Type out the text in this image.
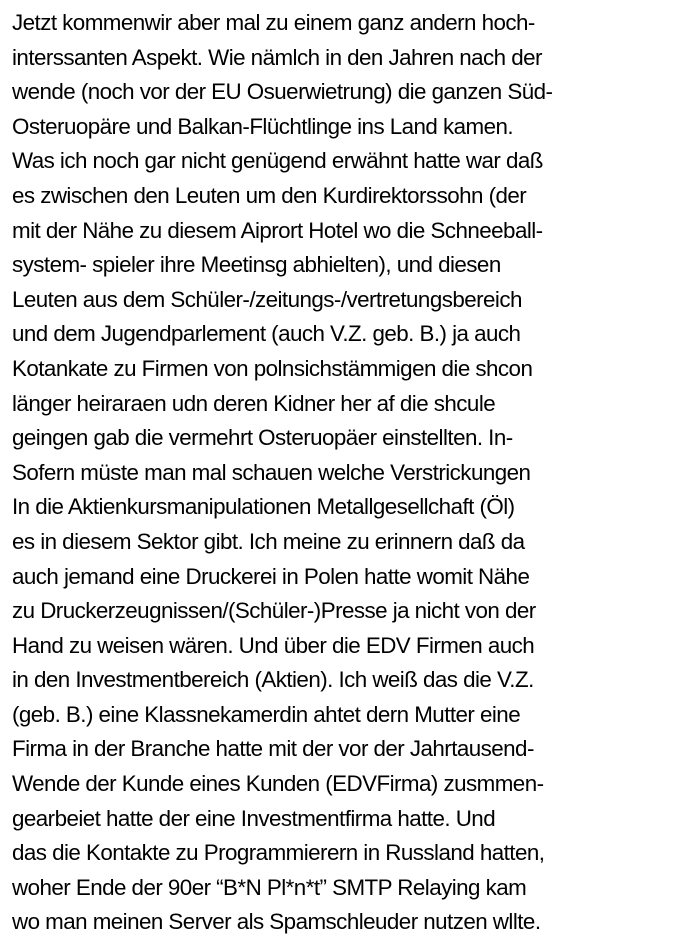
Jetzt kommenwir aber mal zu einem ganz andern hoch-
interssanten Aspekt. Wie nämlch in den Jahren nach der
wende (noch vor der EU Osuerwietrung) die ganzen Süd-
Osteruopäre und Balkan-Flüchtlinge ins Land kamen.
Was ich noch gar nicht genügend erwähnt hatte war daß
es zwischen den Leuten um den Kurdirektorssohn (der
mit der Nähe zu diesem Aiprort Hotel wo die Schneeball-
system- spieler ihre Meetinsg abhielten), und diesen
Leuten aus dem Schüler-/zeitungs-/vertretungsbereich
und dem Jugendparlement (auch V.Z. geb. B.) ja auch
Kotankate zu Firmen von polnsichstämmigen die shcon
länger heiraraen udn deren Kidner her af die shcule
geingen gab die vermehrt Osteruopäer einstellten. In-
Sofern müste man mal schauen welche Verstrickungen
In die Aktienkursmanipulationen Metallgesellchaft (Öl)
es in diesem Sektor gibt. Ich meine zu erinnern daß da
auch jemand eine Druckerei in Polen hatte womit Nähe
zu Druckerzeugnissen/(Schüler-)Presse ja nicht von der
Hand zu weisen wären. Und über die EDV Firmen auch
in den Investmentbereich (Aktien). Ich weiß das die V.Z.
(geb. B.) eine Klassnekamerdin ahtet dern Mutter eine
Firma in der Branche hatte mit der vor der Jahrtausend-
Wende der Kunde eines Kunden (EDVFirma) zusmmen-
gearbeiet hatte der eine Investmentfirma hatte. Und
das die Kontakte zu Programmierern in Russland hatten,
woher Ende der 90er “B*N Pl*n*t” SMTP Relaying kam
wo man meinen Server als Spamschleuder nutzen wllte.
